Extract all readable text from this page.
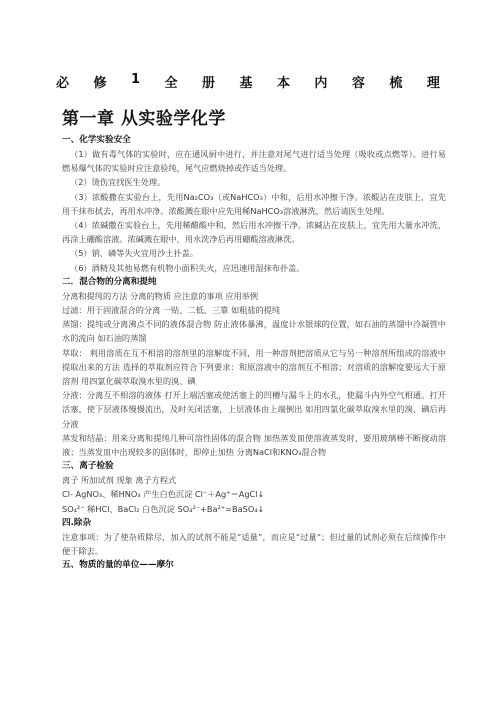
必 修 1 全 册 基 本 内 容 梳 理
第一章 从实验学化学
一、化学实验安全

（1）做有毒气体的实验时，应在通风厨中进行，并注意对尾气进行适当处理（吸收或点燃等）。进行易燃易爆气体的实验时应注意验纯，尾气应燃烧掉或作适当处理。

（2）烫伤宜找医生处理。

（3）浓酸撒在实验台上，先用Na₂CO₃（或NaHCO₃）中和，后用水冲擦干净。浓酸沾在皮肤上，宜先用干抹布拭去，再用水冲净。浓酸溅在眼中应先用稀NaHCO₃溶液淋洗，然后请医生处理。

（4）浓碱撒在实验台上，先用稀醋酸中和，然后用水冲擦干净。浓碱沾在皮肤上，宜先用大量水冲洗，再涂上硼酸溶液。浓碱溅在眼中，用水洗净后再用硼酸溶液淋洗。

（5）钠、磷等失火宜用沙土扑盖。

（6）酒精及其他易燃有机物小面积失火，应迅速用湿抹布扑盖。

二．混合物的分离和提纯

分离和提纯的方法 分离的物质 应注意的事项 应用举例

过滤：用于固液混合的分离 一贴、二低、三靠 如粗盐的提纯

蒸馏：提纯或分离沸点不同的液体混合物 防止液体暴沸，温度计水银球的位置，如石油的蒸馏中冷凝管中水的流向 如石油的蒸馏

萃取： 利用溶质在互不相溶的溶剂里的溶解度不同，用一种溶剂把溶质从它与另一种溶剂所组成的溶液中提取出来的方法 选择的萃取剂应符合下列要求：和原溶液中的溶剂互不相溶；对溶质的溶解度要远大于原溶剂 用四氯化碳萃取溴水里的溴、碘

分液：分离互不相溶的液体 打开上端活塞或使活塞上的凹槽与漏斗上的水孔，使漏斗内外空气相通。打开活塞，使下层液体慢慢流出，及时关闭活塞，上层液体由上端倒出 如用四氯化碳萃取溴水里的溴、碘后再分液

蒸发和结晶：用来分离和提纯几种可溶性固体的混合物 加热蒸发皿使溶液蒸发时，要用玻璃棒不断搅动溶液；当蒸发皿中出现较多的固体时，即停止加热 分离NaCl和KNO₃混合物

三、离子检验

离子 所加试剂 现象 离子方程式

Cl- AgNO₃、稀HNO₃ 产生白色沉淀 Cl⁻＋Ag⁺＝AgCl↓

SO₄²⁻ 稀HCl、BaCl₂ 白色沉淀 SO₄²⁻+Ba²⁺=BaSO₄↓

四.除杂

注意事项：为了使杂质除尽，加入的试剂不能是“适量”，而应是“过量”；但过量的试剂必须在后续操作中便于除去。

五、物质的量的单位——摩尔
